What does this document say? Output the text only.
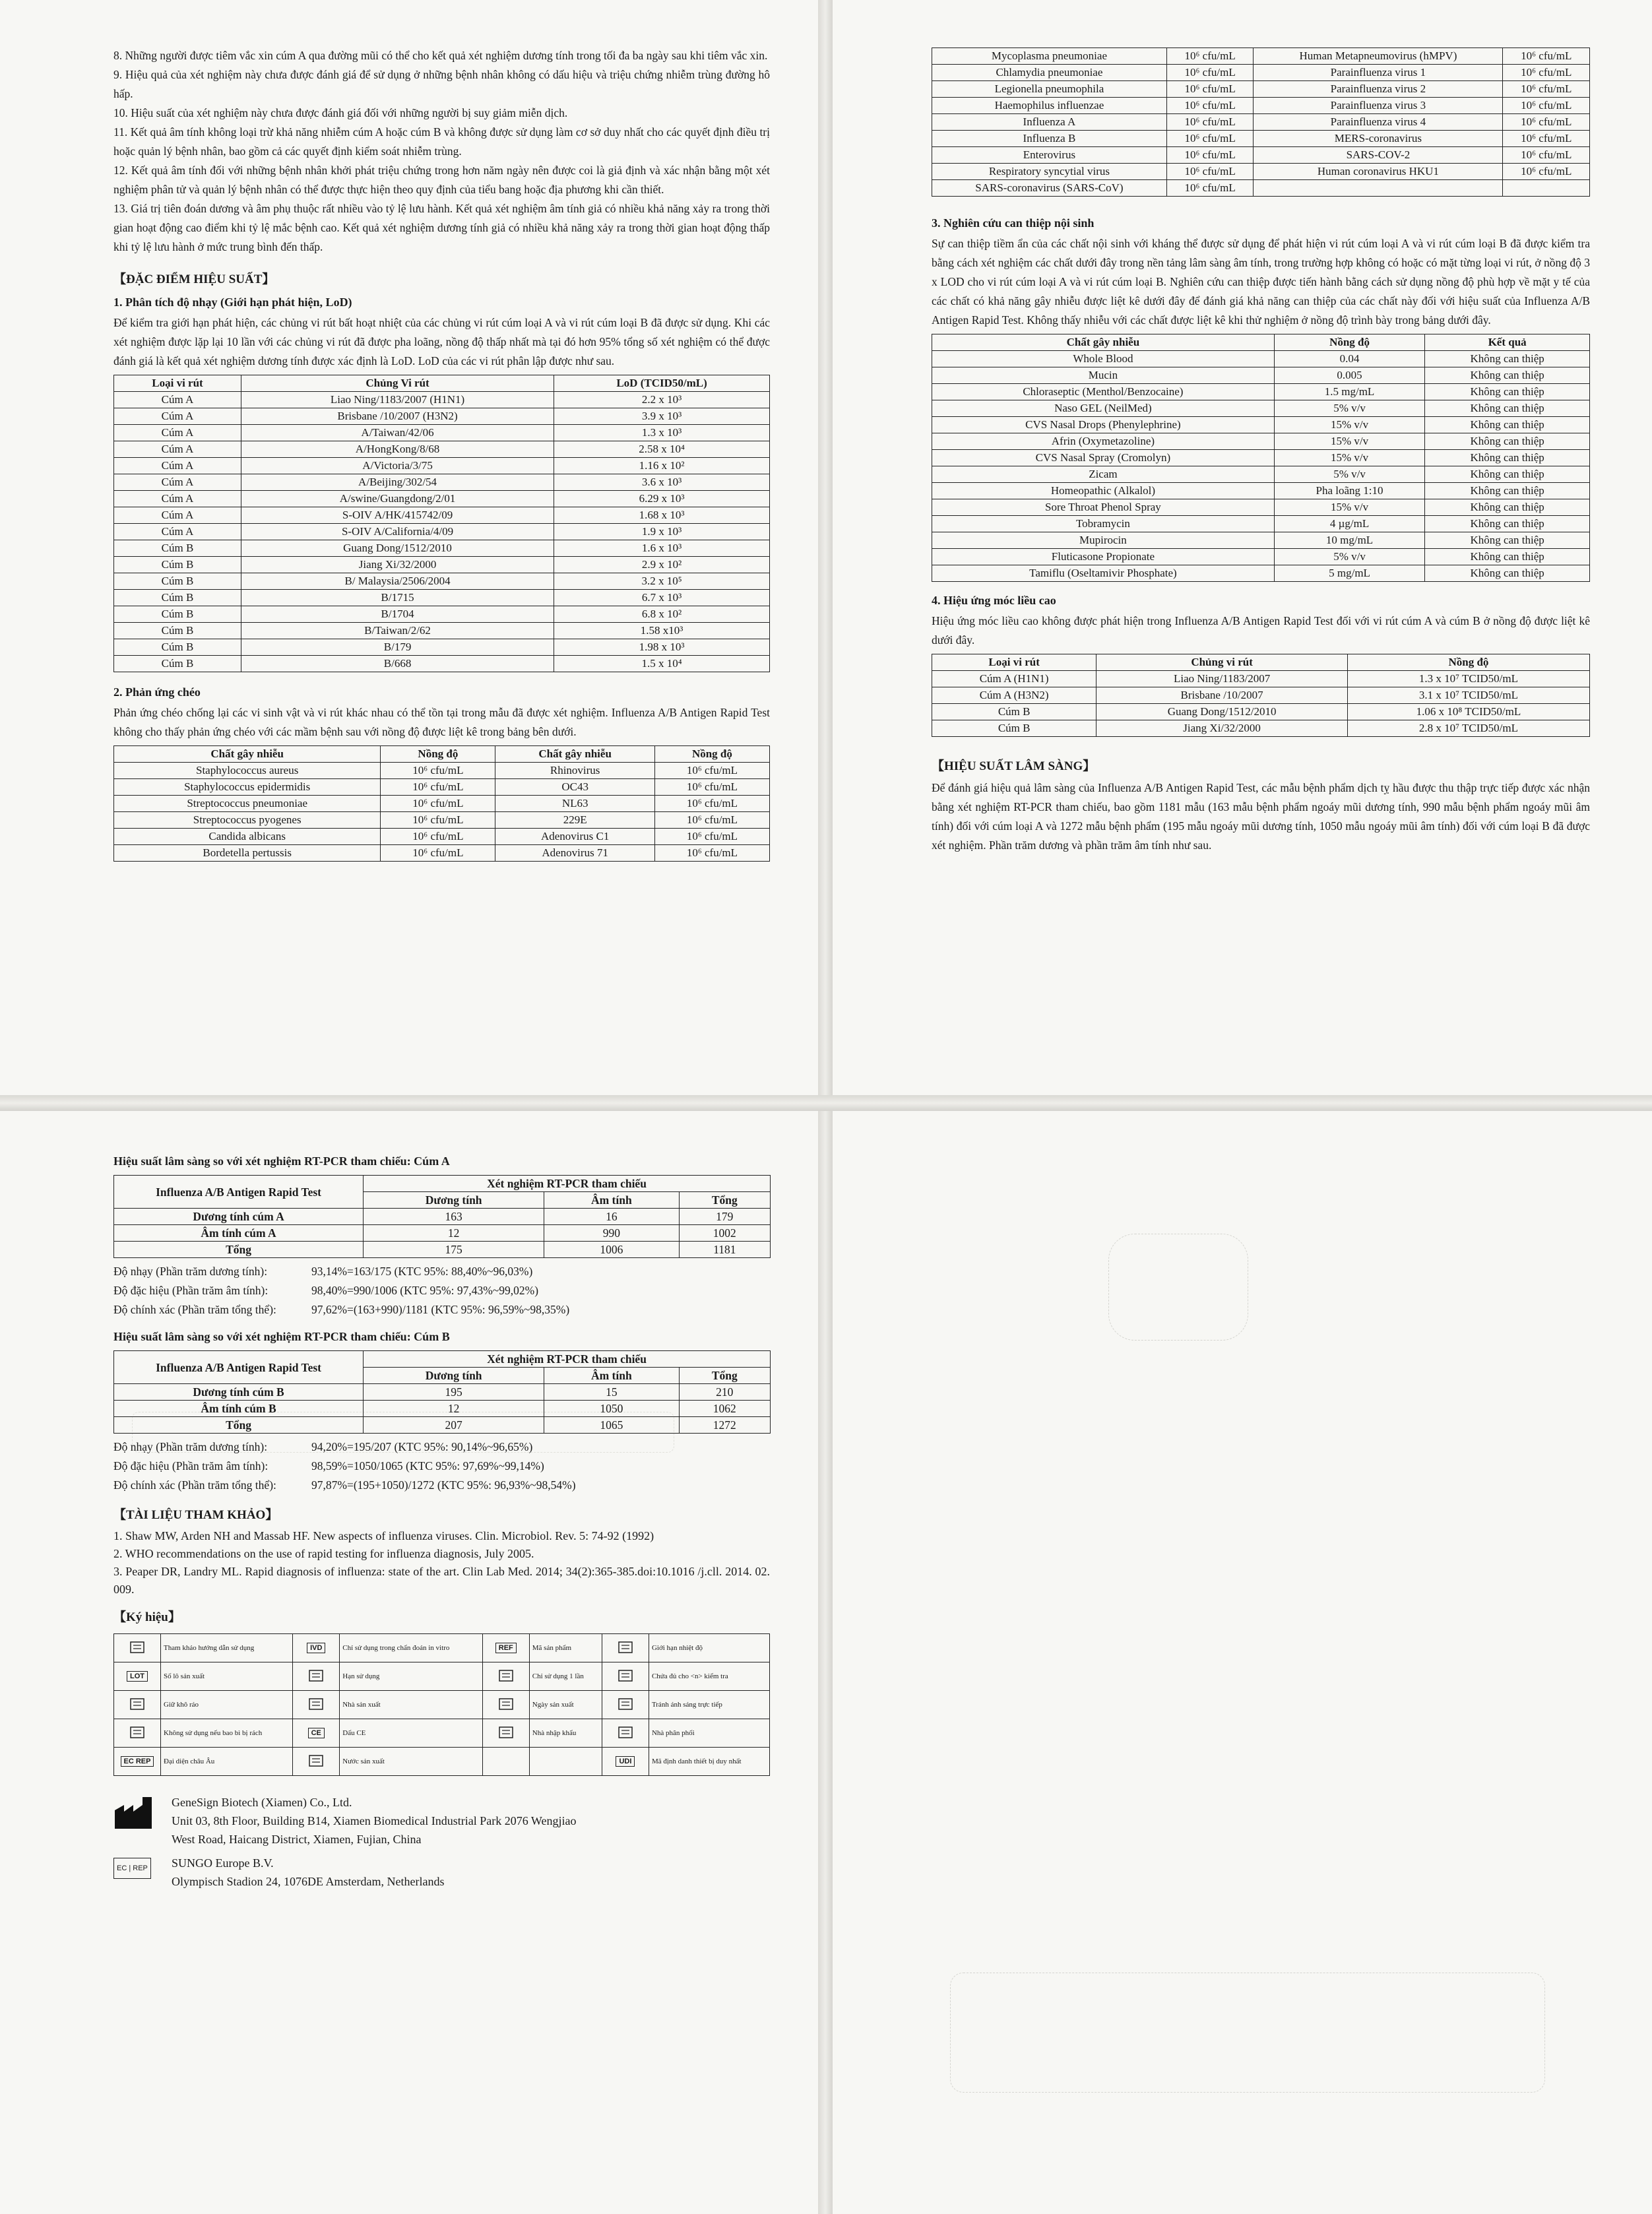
8. Những người được tiêm vắc xin cúm A qua đường mũi có thể cho kết quả xét nghiệm dương tính trong tối đa ba ngày sau khi tiêm vắc xin.

9. Hiệu quả của xét nghiệm này chưa được đánh giá để sử dụng ở những bệnh nhân không có dấu hiệu và triệu chứng nhiễm trùng đường hô hấp.

10. Hiệu suất của xét nghiệm này chưa được đánh giá đối với những người bị suy giảm miễn dịch.

11. Kết quả âm tính không loại trừ khả năng nhiễm cúm A hoặc cúm B và không được sử dụng làm cơ sở duy nhất cho các quyết định điều trị hoặc quản lý bệnh nhân, bao gồm cả các quyết định kiểm soát nhiễm trùng.

12. Kết quả âm tính đối với những bệnh nhân khởi phát triệu chứng trong hơn năm ngày nên được coi là giả định và xác nhận bằng một xét nghiệm phân tử và quản lý bệnh nhân có thể được thực hiện theo quy định của tiểu bang hoặc địa phương khi cần thiết.

13. Giá trị tiên đoán dương và âm phụ thuộc rất nhiều vào tỷ lệ lưu hành. Kết quả xét nghiệm âm tính giả có nhiều khả năng xảy ra trong thời gian hoạt động cao điểm khi tỷ lệ mắc bệnh cao. Kết quả xét nghiệm dương tính giả có nhiều khả năng xảy ra trong thời gian hoạt động thấp khi tỷ lệ lưu hành ở mức trung bình đến thấp.

【ĐẶC ĐIỂM HIỆU SUẤT】
1. Phân tích độ nhạy (Giới hạn phát hiện, LoD)

Để kiểm tra giới hạn phát hiện, các chủng vi rút bất hoạt nhiệt của các chủng vi rút cúm loại A và vi rút cúm loại B đã được sử dụng. Khi các xét nghiệm được lặp lại 10 lần với các chủng vi rút đã được pha loãng, nồng độ thấp nhất mà tại đó hơn 95% tổng số xét nghiệm có thể được đánh giá là kết quả xét nghiệm dương tính được xác định là LoD. LoD của các vi rút phân lập được như sau.

Loại vi rút	Chủng Vi rút	LoD (TCID50/mL)
Cúm A	Liao Ning/1183/2007 (H1N1)	2.2 x 10³
Cúm A	Brisbane /10/2007 (H3N2)	3.9 x 10³
Cúm A	A/Taiwan/42/06	1.3 x 10³
Cúm A	A/HongKong/8/68	2.58 x 10⁴
Cúm A	A/Victoria/3/75	1.16 x 10²
Cúm A	A/Beijing/302/54	3.6 x 10³
Cúm A	A/swine/Guangdong/2/01	6.29 x 10³
Cúm A	S-OIV A/HK/415742/09	1.68 x 10³
Cúm A	S-OIV A/California/4/09	1.9 x 10³
Cúm B	Guang Dong/1512/2010	1.6 x 10³
Cúm B	Jiang Xi/32/2000	2.9 x 10²
Cúm B	B/ Malaysia/2506/2004	3.2 x 10⁵
Cúm B	B/1715	6.7 x 10³
Cúm B	B/1704	6.8 x 10²
Cúm B	B/Taiwan/2/62	1.58 x10³
Cúm B	B/179	1.98 x 10³
Cúm B	B/668	1.5 x 10⁴
2. Phản ứng chéo

Phản ứng chéo chống lại các vi sinh vật và vi rút khác nhau có thể tồn tại trong mẫu đã được xét nghiệm. Influenza A/B Antigen Rapid Test không cho thấy phản ứng chéo với các mầm bệnh sau với nồng độ được liệt kê trong bảng bên dưới.

Chất gây nhiễu	Nồng độ	Chất gây nhiễu	Nồng độ
Staphylococcus aureus	10⁶ cfu/mL	Rhinovirus	10⁶ cfu/mL
Staphylococcus epidermidis	10⁶ cfu/mL	OC43	10⁶ cfu/mL
Streptococcus pneumoniae	10⁶ cfu/mL	NL63	10⁶ cfu/mL
Streptococcus pyogenes	10⁶ cfu/mL	229E	10⁶ cfu/mL
Candida albicans	10⁶ cfu/mL	Adenovirus C1	10⁶ cfu/mL
Bordetella pertussis	10⁶ cfu/mL	Adenovirus 71	10⁶ cfu/mL
Mycoplasma pneumoniae	10⁶ cfu/mL	Human Metapneumovirus (hMPV)	10⁶ cfu/mL
Chlamydia pneumoniae	10⁶ cfu/mL	Parainfluenza virus 1	10⁶ cfu/mL
Legionella pneumophila	10⁶ cfu/mL	Parainfluenza virus 2	10⁶ cfu/mL
Haemophilus influenzae	10⁶ cfu/mL	Parainfluenza virus 3	10⁶ cfu/mL
Influenza A	10⁶ cfu/mL	Parainfluenza virus 4	10⁶ cfu/mL
Influenza B	10⁶ cfu/mL	MERS-coronavirus	10⁶ cfu/mL
Enterovirus	10⁶ cfu/mL	SARS-COV-2	10⁶ cfu/mL
Respiratory syncytial virus	10⁶ cfu/mL	Human coronavirus HKU1	10⁶ cfu/mL
SARS-coronavirus (SARS-CoV)	10⁶ cfu/mL		
3. Nghiên cứu can thiệp nội sinh

Sự can thiệp tiềm ẩn của các chất nội sinh với kháng thể được sử dụng để phát hiện vi rút cúm loại A và vi rút cúm loại B đã được kiểm tra bằng cách xét nghiệm các chất dưới đây trong nền tảng lâm sàng âm tính, trong trường hợp không có hoặc có mặt từng loại vi rút, ở nồng độ 3 x LOD cho vi rút cúm loại A và vi rút cúm loại B. Nghiên cứu can thiệp được tiến hành bằng cách sử dụng nồng độ phù hợp về mặt y tế của các chất có khả năng gây nhiễu được liệt kê dưới đây để đánh giá khả năng can thiệp của các chất này đối với hiệu suất của Influenza A/B Antigen Rapid Test. Không thấy nhiễu với các chất được liệt kê khi thử nghiệm ở nồng độ trình bày trong bảng dưới đây.

Chất gây nhiễu	Nồng độ	Kết quả
Whole Blood	0.04	Không can thiệp
Mucin	0.005	Không can thiệp
Chloraseptic (Menthol/Benzocaine)	1.5 mg/mL	Không can thiệp
Naso GEL (NeilMed)	5% v/v	Không can thiệp
CVS Nasal Drops (Phenylephrine)	15% v/v	Không can thiệp
Afrin (Oxymetazoline)	15% v/v	Không can thiệp
CVS Nasal Spray (Cromolyn)	15% v/v	Không can thiệp
Zicam	5% v/v	Không can thiệp
Homeopathic (Alkalol)	Pha loãng 1:10	Không can thiệp
Sore Throat Phenol Spray	15% v/v	Không can thiệp
Tobramycin	4 µg/mL	Không can thiệp
Mupirocin	10 mg/mL	Không can thiệp
Fluticasone Propionate	5% v/v	Không can thiệp
Tamiflu (Oseltamivir Phosphate)	5 mg/mL	Không can thiệp
4. Hiệu ứng móc liều cao

Hiệu ứng móc liều cao không được phát hiện trong Influenza A/B Antigen Rapid Test đối với vi rút cúm A và cúm B ở nồng độ được liệt kê dưới đây.

Loại vi rút	Chủng vi rút	Nồng độ
Cúm A (H1N1)	Liao Ning/1183/2007	1.3 x 10⁷ TCID50/mL
Cúm A (H3N2)	Brisbane /10/2007	3.1 x 10⁷ TCID50/mL
Cúm B	Guang Dong/1512/2010	1.06 x 10⁸ TCID50/mL
Cúm B	Jiang Xi/32/2000	2.8 x 10⁷ TCID50/mL
【HIỆU SUẤT LÂM SÀNG】

Để đánh giá hiệu quả lâm sàng của Influenza A/B Antigen Rapid Test, các mẫu bệnh phẩm dịch tỵ hầu được thu thập trực tiếp được xác nhận bằng xét nghiệm RT-PCR tham chiếu, bao gồm 1181 mẫu (163 mẫu bệnh phẩm ngoáy mũi dương tính, 990 mẫu bệnh phẩm ngoáy mũi âm tính) đối với cúm loại A và 1272 mẫu bệnh phẩm (195 mẫu ngoáy mũi dương tính, 1050 mẫu ngoáy mũi âm tính) đối với cúm loại B đã được xét nghiệm. Phần trăm dương và phần trăm âm tính như sau.

Hiệu suất lâm sàng so với xét nghiệm RT-PCR tham chiếu: Cúm A
Influenza A/B Antigen Rapid Test	Xét nghiệm RT-PCR tham chiếu		
	Dương tính	Âm tính	Tổng
Dương tính cúm A	163	16	179
Âm tính cúm A	12	990	1002
Tổng	175	1006	1181

Độ nhạy (Phần trăm dương tính):	93,14%=163/175 (KTC 95%: 88,40%~96,03%)

Độ đặc hiệu (Phần trăm âm tính):	98,40%=990/1006 (KTC 95%: 97,43%~99,02%)

Độ chính xác (Phần trăm tổng thể):	97,62%=(163+990)/1181 (KTC 95%: 96,59%~98,35%)

Hiệu suất lâm sàng so với xét nghiệm RT-PCR tham chiếu: Cúm B
Influenza A/B Antigen Rapid Test	Xét nghiệm RT-PCR tham chiếu		
	Dương tính	Âm tính	Tổng
Dương tính cúm B	195	15	210
Âm tính cúm B	12	1050	1062
Tổng	207	1065	1272

Độ nhạy (Phần trăm dương tính):	94,20%=195/207 (KTC 95%: 90,14%~96,65%)

Độ đặc hiệu (Phần trăm âm tính):	98,59%=1050/1065 (KTC 95%: 97,69%~99,14%)

Độ chính xác (Phần trăm tổng thể):	97,87%=(195+1050)/1272 (KTC 95%: 96,93%~98,54%)

【TÀI LIỆU THAM KHẢO】

1. Shaw MW, Arden NH and Massab HF. New aspects of influenza viruses. Clin. Microbiol. Rev. 5: 74-92 (1992)

2. WHO recommendations on the use of rapid testing for influenza diagnosis, July 2005.

3. Peaper DR, Landry ML. Rapid diagnosis of influenza: state of the art. Clin Lab Med. 2014; 34(2):365-385.doi:10.1016 /j.cll. 2014. 02. 009.

【Ký hiệu】
	Tham khảo hướng dẫn sử dụng	IVD	Chỉ sử dụng trong chẩn đoán in vitro	REF	Mã sản phẩm		Giới hạn nhiệt độ
LOT	Số lô sản xuất		Hạn sử dụng		Chỉ sử dụng 1 lần		Chứa đủ cho <n> kiểm tra
	Giữ khô ráo		Nhà sản xuất		Ngày sản xuất		Tránh ánh sáng trực tiếp
	Không sử dụng nếu bao bì bị rách	CE	Dấu CE		Nhà nhập khẩu		Nhà phân phối
EC REP	Đại diện châu Âu		Nước sản xuất			UDI	Mã định danh thiết bị duy nhất
GeneSign Biotech (Xiamen) Co., Ltd.
Unit 03, 8th Floor, Building B14, Xiamen Biomedical Industrial Park 2076 Wengjiao
West Road, Haicang District, Xiamen, Fujian, China
EC | REP SUNGO Europe B.V.
Olympisch Stadion 24, 1076DE Amsterdam, Netherlands
